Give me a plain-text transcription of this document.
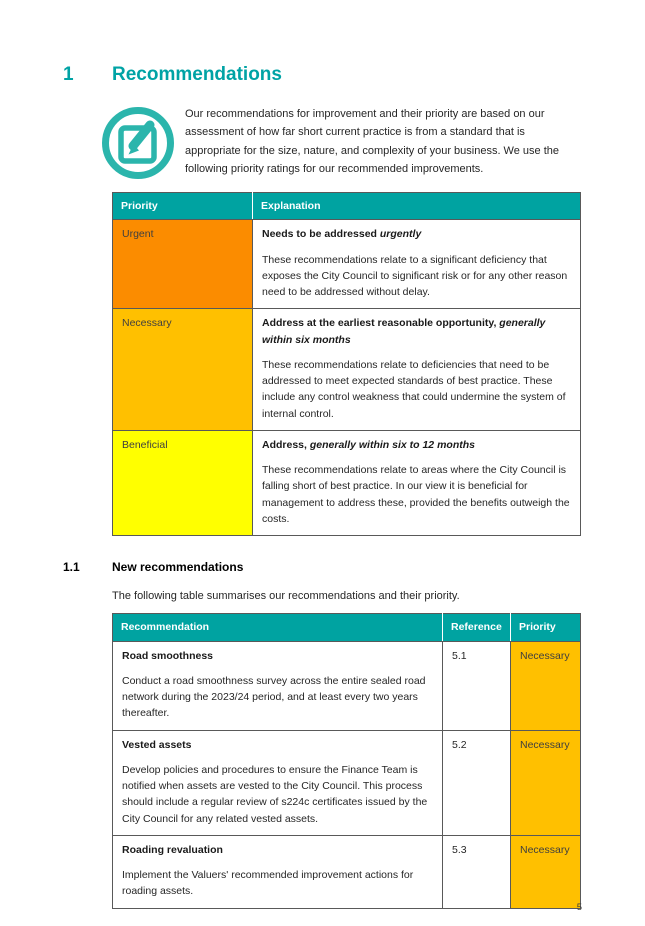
1	Recommendations
Our recommendations for improvement and their priority are based on our assessment of how far short current practice is from a standard that is appropriate for the size, nature, and complexity of your business. We use the following priority ratings for our recommended improvements.
Priority	Explanation
Urgent	Needs to be addressed urgently

These recommendations relate to a significant deficiency that exposes the City Council to significant risk or for any other reason need to be addressed without delay.

Necessary	Address at the earliest reasonable opportunity, generally within six months

These recommendations relate to deficiencies that need to be addressed to meet expected standards of best practice. These include any control weakness that could undermine the system of internal control.

Beneficial	Address, generally within six to 12 months

These recommendations relate to areas where the City Council is falling short of best practice. In our view it is beneficial for management to address these, provided the benefits outweigh the costs.

1.1	New recommendations
The following table summarises our recommendations and their priority.
Recommendation	Reference	Priority

Road smoothness

Conduct a road smoothness survey across the entire sealed road network during the 2023/24 period, and at least every two years thereafter.	5.1	Necessary

Vested assets

Develop policies and procedures to ensure the Finance Team is notified when assets are vested to the City Council. This process should include a regular review of s224c certificates issued by the City Council for any related vested assets.	5.2	Necessary

Roading revaluation

Implement the Valuers' recommended improvement actions for roading assets.	5.3	Necessary
5
